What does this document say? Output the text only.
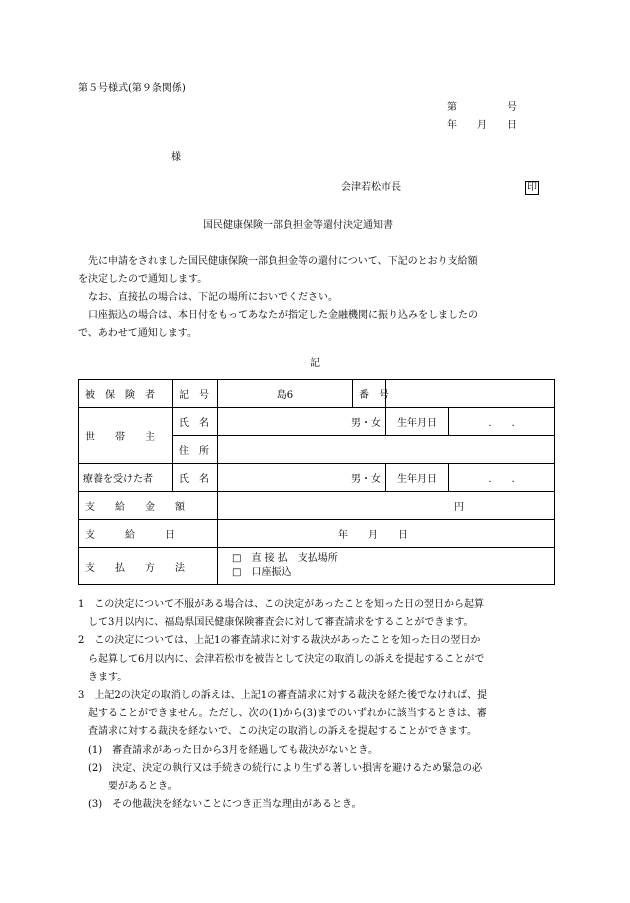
第５号様式(第９条関係)
第　　　　　号
年　　月　　日
様
会津若松市長	印
国民健康保険一部負担金等還付決定通知書
　先に申請をされました国民健康保険一部負担金等の還付について、下記のとおり支給額
を決定したので通知します。
　なお、直接払の場合は、下記の場所においでください。
　口座振込の場合は、本日付をもってあなたが指定した金融機関に振り込みをしましたの
で、あわせて通知します。
記
被　保　険　者	記　号	島6	番　号		

世　　帯　　主	氏　名	男・女		生年月日	.　　.

住　所				

療養を受けた者	氏　名	男・女		生年月日	.　　.

支　　給　　金　　額		円			

支　　　給　　　日		年　　月　　日			

支　　払　　方　　法		□　直 接 払　支払場所
□　口座振込			
1　この決定について不服がある場合は、この決定があったことを知った日の翌日から起算
　して3月以内に、福島県国民健康保険審査会に対して審査請求をすることができます。
2　この決定については、上記1の審査請求に対する裁決があったことを知った日の翌日か
　ら起算して6月以内に、会津若松市を被告として決定の取消しの訴えを提起することがで
　きます。
3　上記2の決定の取消しの訴えは、上記1の審査請求に対する裁決を経た後でなければ、提
　起することができません。ただし、次の(1)から(3)までのいずれかに該当するときは、審
　査請求に対する裁決を経ないで、この決定の取消しの訴えを提起することができます。
　(1)　審査請求があった日から3月を経過しても裁決がないとき。
　(2)　決定、決定の執行又は手続きの続行により生ずる著しい損害を避けるため緊急の必
　　　要があるとき。
　(3)　その他裁決を経ないことにつき正当な理由があるとき。
